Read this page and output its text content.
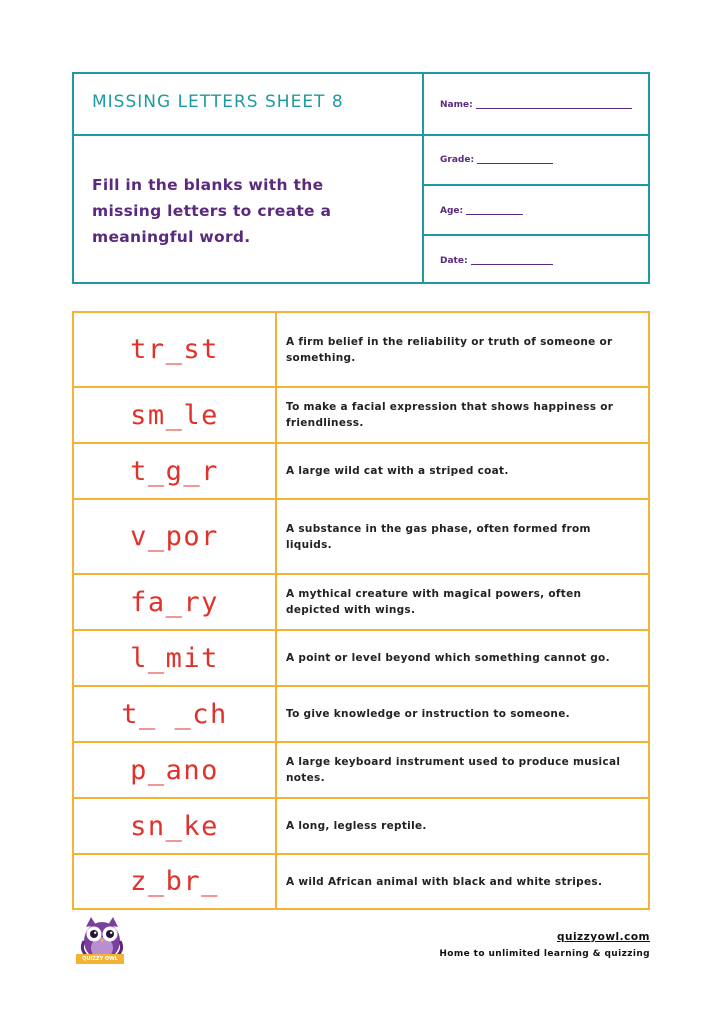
MISSING LETTERS SHEET 8
Fill in the blanks with the missing letters to create a meaningful word.
Name:
Grade:
Age:
Date:
tr_st	A firm belief in the reliability or truth of someone or something.
sm_le	To make a facial expression that shows happiness or friendliness.
t_g_r	A large wild cat with a striped coat.
v_por	A substance in the gas phase, often formed from liquids.
fa_ry	A mythical creature with magical powers, often depicted with wings.
l_mit	A point or level beyond which something cannot go.
t_ _ch	To give knowledge or instruction to someone.
p_ano	A large keyboard instrument used to produce musical notes.
sn_ke	A long, legless reptile.
z_br_	A wild African animal with black and white stripes.
QUIZZY OWL
quizzyowl.com
Home to unlimited learning & quizzing
